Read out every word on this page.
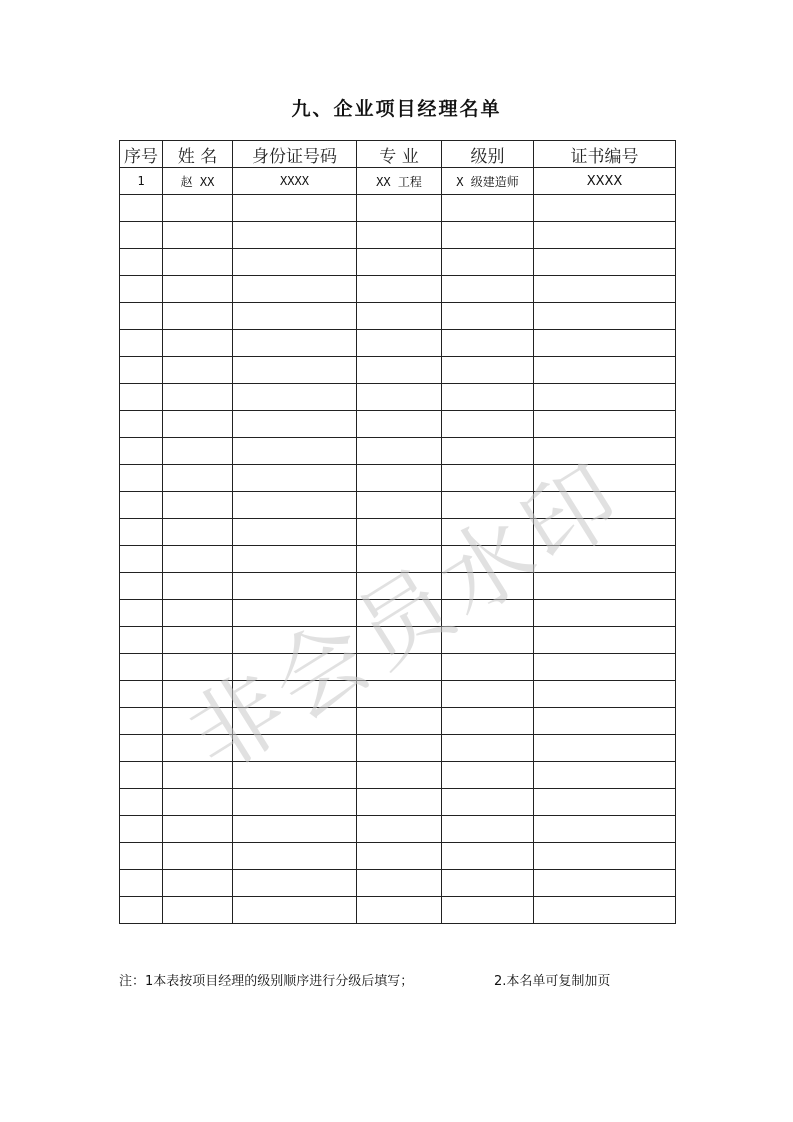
九、企业项目经理名单
序号	姓 名	身份证号码	专 业	级别	证书编号
1	赵 XX	XXXX	XX 工程	X 级建造师	XXXX

注：1本表按项目经理的级别顺序进行分级后填写；	2.本名单可复制加页
非会员水印
